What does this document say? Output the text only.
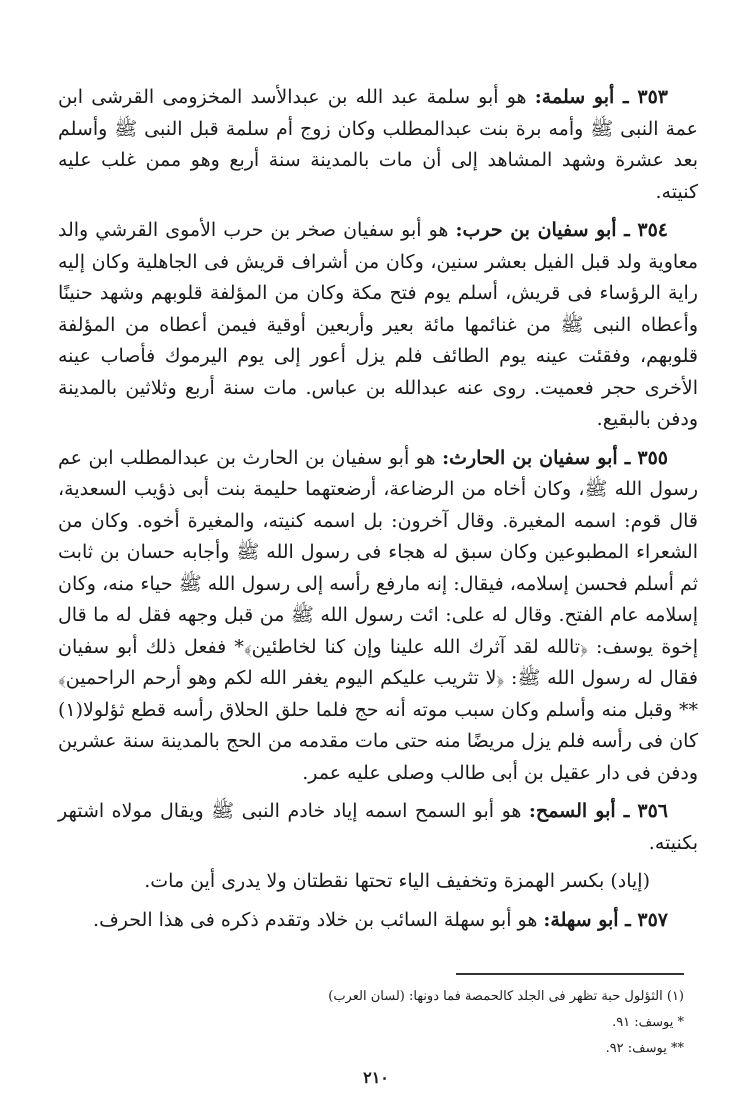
٣٥٣ ـ أبو سلمة: هو أبو سلمة عبد الله بن عبدالأسد المخزومى القرشى ابن عمة النبى ﷺ وأمه برة بنت عبدالمطلب وكان زوج أم سلمة قبل النبى ﷺ وأسلم بعد عشرة وشهد المشاهد إلى أن مات بالمدينة سنة أربع وهو ممن غلب عليه كنيته.

٣٥٤ ـ أبو سفيان بن حرب: هو أبو سفيان صخر بن حرب الأموى القرشي والد معاوية ولد قبل الفيل بعشر سنين، وكان من أشراف قريش فى الجاهلية وكان إليه راية الرؤساء فى قريش، أسلم يوم فتح مكة وكان من المؤلفة قلوبهم وشهد حنينًا وأعطاه النبى ﷺ من غنائمها مائة بعير وأربعين أوقية فيمن أعطاه من المؤلفة قلوبهم، وفقئت عينه يوم الطائف فلم يزل أعور إلى يوم اليرموك فأصاب عينه الأخرى حجر فعميت. روى عنه عبدالله بن عباس. مات سنة أربع وثلاثين بالمدينة ودفن بالبقيع.

٣٥٥ ـ أبو سفيان بن الحارث: هو أبو سفيان بن الحارث بن عبدالمطلب ابن عم رسول الله ﷺ، وكان أخاه من الرضاعة، أرضعتهما حليمة بنت أبى ذؤيب السعدية، قال قوم: اسمه المغيرة. وقال آخرون: بل اسمه كنيته، والمغيرة أخوه. وكان من الشعراء المطبوعين وكان سبق له هجاء فى رسول الله ﷺ وأجابه حسان بن ثابت ثم أسلم فحسن إسلامه، فيقال: إنه مارفع رأسه إلى رسول الله ﷺ حياء منه، وكان إسلامه عام الفتح. وقال له على: ائت رسول الله ﷺ من قبل وجهه فقل له ما قال إخوة يوسف: ﴿تالله لقد آثرك الله علينا وإن كنا لخاطئين﴾* ففعل ذلك أبو سفيان فقال له رسول الله ﷺ: ﴿لا تثريب عليكم اليوم يغفر الله لكم وهو أرحم الراحمين﴾** وقبل منه وأسلم وكان سبب موته أنه حج فلما حلق الحلاق رأسه قطع ثؤلولا(١) كان فى رأسه فلم يزل مريضًا منه حتى مات مقدمه من الحج بالمدينة سنة عشرين ودفن فى دار عقيل بن أبى طالب وصلى عليه عمر.

٣٥٦ ـ أبو السمح: هو أبو السمح اسمه إياد خادم النبى ﷺ ويقال مولاه اشتهر بكنيته.

(إياد) بكسر الهمزة وتخفيف الياء تحتها نقطتان ولا يدرى أين مات.

٣٥٧ ـ أبو سهلة: هو أبو سهلة السائب بن خلاد وتقدم ذكره فى هذا الحرف.

(١) الثؤلول حبة تظهر فى الجلد كالحمصة فما دونها: (لسان العرب)

* يوسف: ٩١.

** يوسف: ٩٢.

٢١٠
